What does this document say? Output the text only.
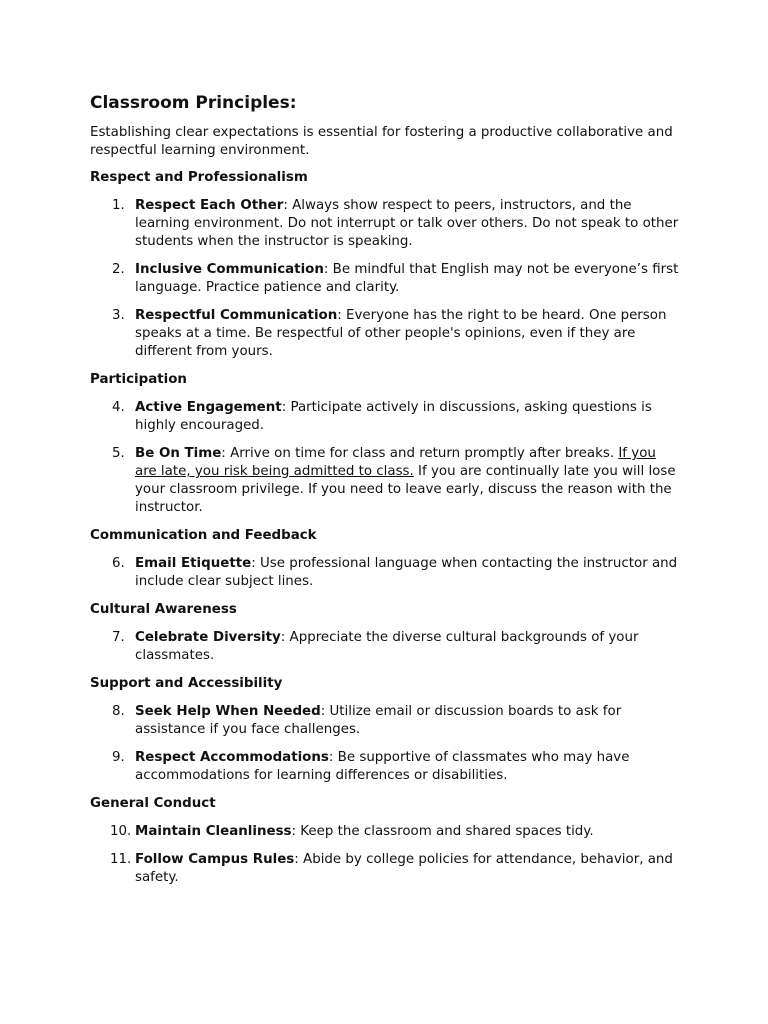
Classroom Principles:

Establishing clear expectations is essential for fostering a productive collaborative and respectful learning environment.

Respect and Professionalism
1. Respect Each Other: Always show respect to peers, instructors, and the learning environment. Do not interrupt or talk over others. Do not speak to other students when the instructor is speaking.
2. Inclusive Communication: Be mindful that English may not be everyone’s first language. Practice patience and clarity.
3. Respectful Communication: Everyone has the right to be heard. One person speaks at a time. Be respectful of other people's opinions, even if they are different from yours.
Participation
4. Active Engagement: Participate actively in discussions, asking questions is highly encouraged.
5. Be On Time: Arrive on time for class and return promptly after breaks. If you are late, you risk being admitted to class. If you are continually late you will lose your classroom privilege. If you need to leave early, discuss the reason with the instructor.
Communication and Feedback
6. Email Etiquette: Use professional language when contacting the instructor and include clear subject lines.
Cultural Awareness
7. Celebrate Diversity: Appreciate the diverse cultural backgrounds of your classmates.
Support and Accessibility
8. Seek Help When Needed: Utilize email or discussion boards to ask for assistance if you face challenges.
9. Respect Accommodations: Be supportive of classmates who may have accommodations for learning differences or disabilities.
General Conduct
10. Maintain Cleanliness: Keep the classroom and shared spaces tidy.
11. Follow Campus Rules: Abide by college policies for attendance, behavior, and safety.
